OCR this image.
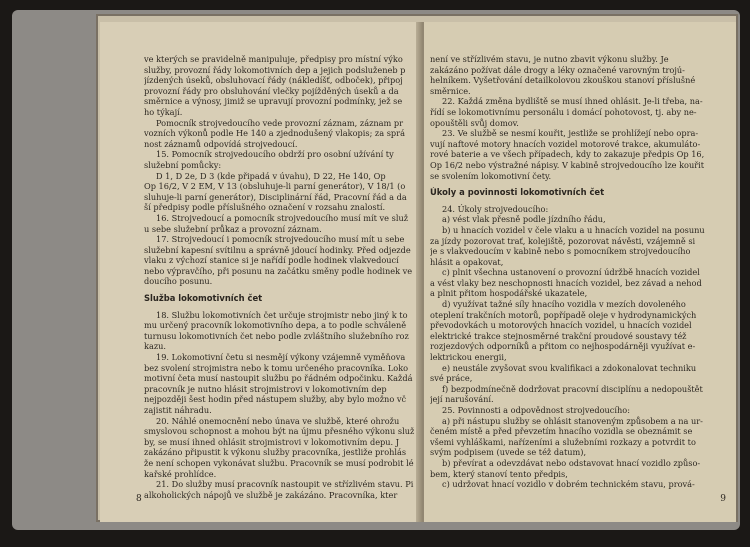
ve kterých se pravidelně manipuluje, předpisy pro místní výko
služby, provozní řády lokomotivních dep a jejich podsluženeb p
jízdených úseků, obsluhovací řády (nákledíšť, odboček), připoj
provozní řády pro obsluhování vlečky pojížděných úseků a da
směrnice a výnosy, jimiž se upravují provozní podmínky, jež se
ho týkají.
Pomocník strojvedoucího vede provozní záznam, záznam pr
vozních výkonů podle He 140 a zjednodušený vlakopis; za sprá
nost záznamů odpovídá strojvedoucí.
15. Pomocník strojvedoucího obdrží pro osobní užívání ty
služební pomůcky:
D 1, D 2e, D 3 (kde připadá v úvahu), D 22, He 140, Op
Op 16/2, V 2 EM, V 13 (obsluhuje-li parní generátor), V 18/1 (o
sluhuje-li parní generátor), Disciplinární řád, Pracovní řád a da
ší předpisy podle příslušného označení v rozsahu znalostí.
16. Strojvedoucí a pomocník strojvedoucího musí mít ve služ
u sebe služební průkaz a provozní záznam.
17. Strojvedoucí i pomocník strojvedoucího musí mít u sebe
služební kapesní svítilnu a správně jdoucí hodinky. Před odjezde
vlaku z výchozí stanice si je nařídí podle hodinek vlakvedoucí
nebo výpravčího, při posunu na začátku směny podle hodinek ve
doucího posunu.
Služba lokomotivních čet
18. Službu lokomotivních čet určuje strojmistr nebo jiný k to
mu určený pracovník lokomotivního depa, a to podle schváleně
turnusu lokomotivních čet nebo podle zvláštního služebního roz
kazu.
19. Lokomotivní četu si nesmějí výkony vzájemně vyměňova
bez svolení strojmistra nebo k tomu určeného pracovníka. Loko
motivní četa musí nastoupit službu po řádném odpočinku. Každá
pracovník je nutno hlásit strojmistrovi v lokomotivním dep
nejpozději šest hodin před nástupem služby, aby bylo možno vč
zajistit náhradu.
20. Náhlé onemocnění nebo únava ve službě, které ohrožu
smyslovou schopnost a mohou být na újmu přesného výkonu služ
by, se musí ihned ohlásit strojmistrovi v lokomotivním depu. J
zakázáno připustit k výkonu služby pracovníka, jestliže prohlás
že není schopen vykonávat službu. Pracovník se musí podrobit lé
kařské prohlídce.
21. Do služby musí pracovník nastoupit ve střízlivém stavu. Pi
alkoholických nápojů ve službě je zakázáno. Pracovníka, kter
8
není ve střízlivém stavu, je nutno zbavit výkonu služby. Je
zakázáno požívat dále drogy a léky označené varovným trojú-
helníkem. Vyšetřování detailkolovou zkouškou stanoví příslušné
směrnice.
22. Každá změna bydliště se musí ihned ohlásit. Je-li třeba, na-
řídí se lokomotivnímu personálu i domácí pohotovost, tj. aby ne-
opouštěli svůj domov.
23. Ve službě se nesmí kouřit, jestliže se prohlížejí nebo opra-
vují naftové motory hnacích vozidel motorové trakce, akumuláto-
rové baterie a ve všech případech, kdy to zakazuje předpis Op 16,
Op 16/2 nebo výstražné nápisy. V kabině strojvedoucího lze kouřit
se svolením lokomotivní čety.
Úkoly a povinnosti lokomotivních čet
24. Úkoly strojvedoucího:
a) vést vlak přesně podle jízdního řádu,
b) u hnacích vozidel v čele vlaku a u hnacích vozidel na posunu
za jízdy pozorovat trať, kolejiště, pozorovat návěsti, vzájemně si
je s vlakvedoucím v kabině nebo s pomocníkem strojvedoucího
hlásit a opakovat,
c) plnit všechna ustanovení o provozní údržbě hnacích vozidel
a vést vlaky bez neschopnosti hnacích vozidel, bez závad a nehod
a plnit přitom hospodářské ukazatele,
d) využívat tažné síly hnacího vozidla v mezích dovoleného
oteplení trakčních motorů, popřípadě oleje v hydrodynamických
převodovkách u motorových hnacích vozidel, u hnacích vozidel
elektrické trakce stejnosměrné trakční proudové soustavy též
rozjezdových odporníků a přitom co nejhospodárněji využívat e-
lektrickou energii,
e) neustále zvyšovat svou kvalifikaci a zdokonalovat techniku
své práce,
f) bezpodmínečně dodržovat pracovní disciplínu a nedopouštět
její narušování.
25. Povinnosti a odpovědnost strojvedoucího:
a) při nástupu služby se ohlásit stanoveným způsobem a na ur-
čeném místě a před převzetím hnacího vozidla se obeznámit se
všemi vyhláškami, nařízeními a služebními rozkazy a potvrdit to
svým podpisem (uvede se též datum),
b) převírat a odevzdávat nebo odstavovat hnací vozidlo způso-
bem, který stanoví tento předpis,
c) udržovat hnací vozidlo v dobrém technickém stavu, prová-
9
